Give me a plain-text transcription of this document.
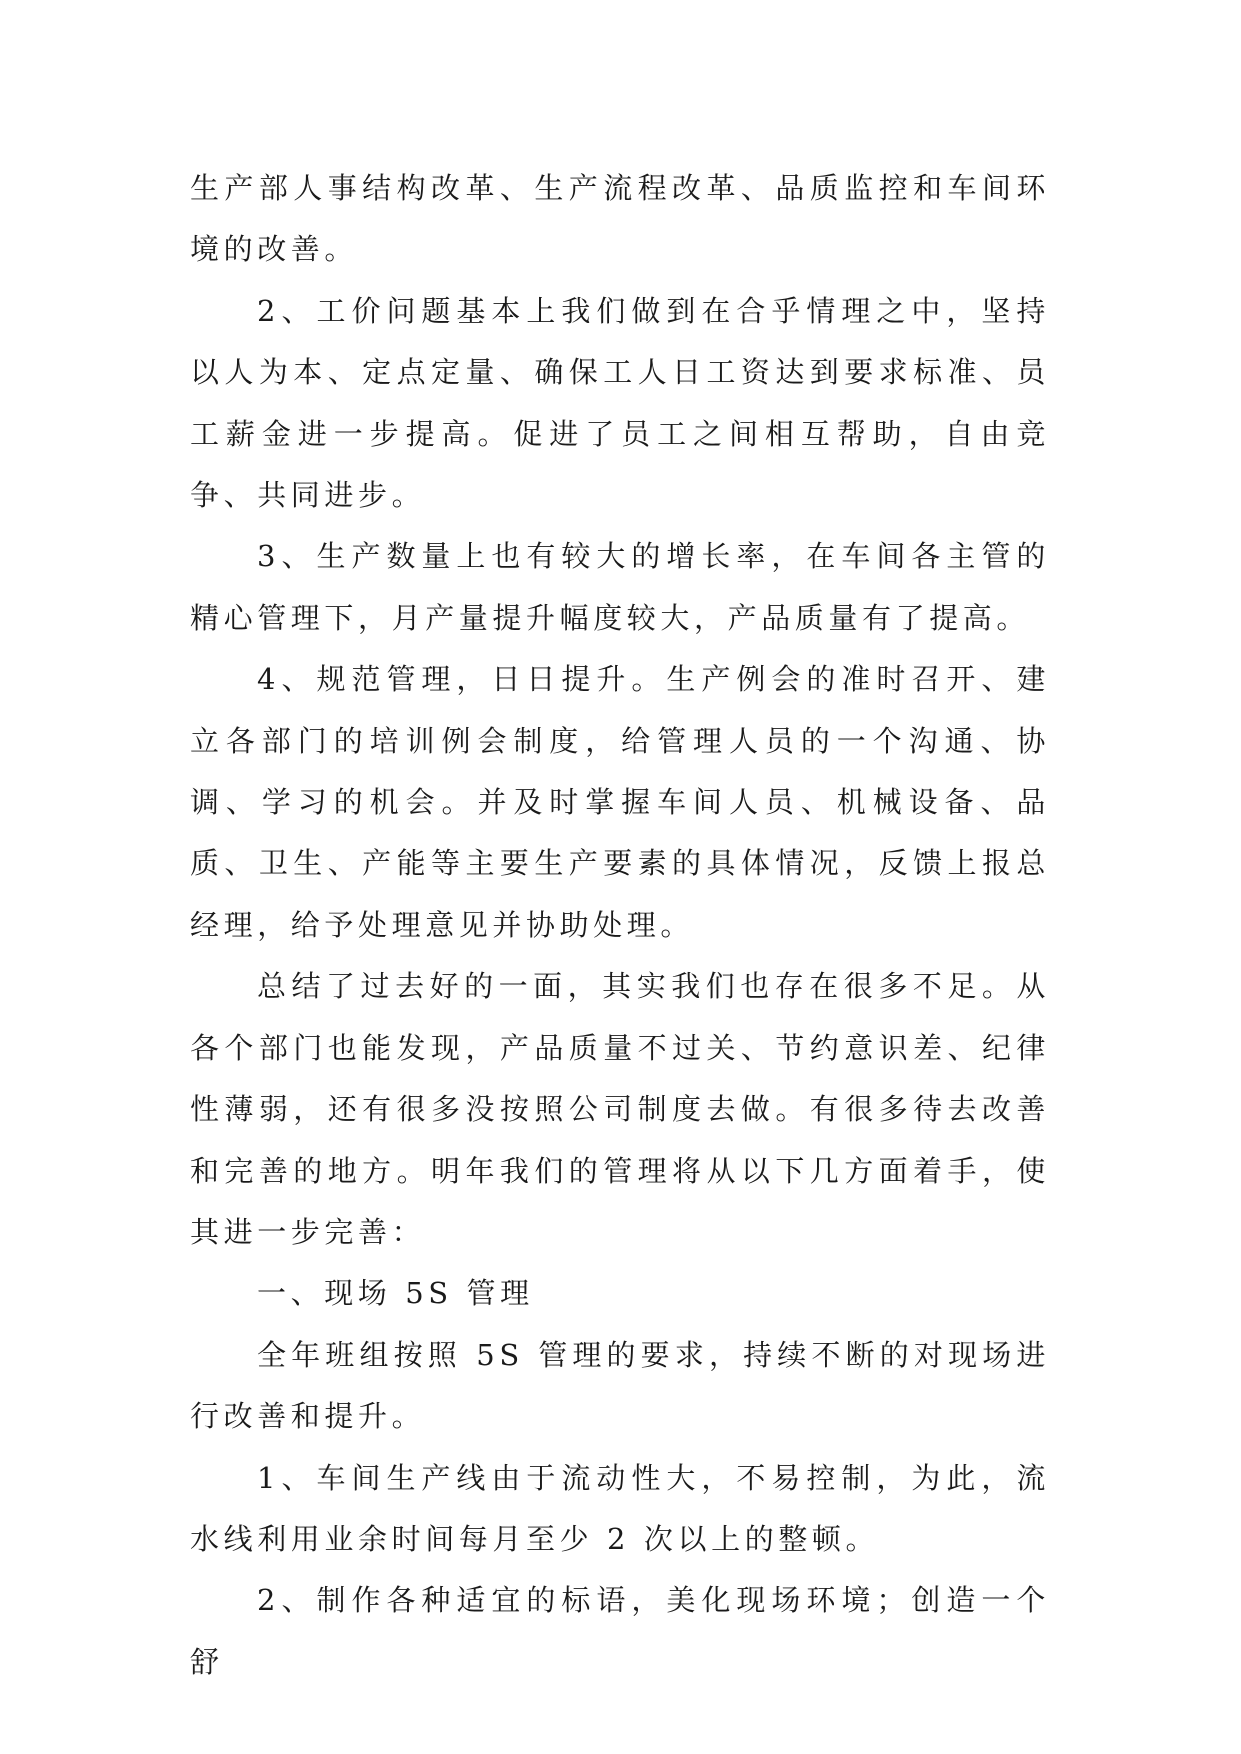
生产部人事结构改革、生产流程改革、品质监控和车间环境的改善。

2、工价问题基本上我们做到在合乎情理之中，坚持以人为本、定点定量、确保工人日工资达到要求标准、员工薪金进一步提高。促进了员工之间相互帮助，自由竞争、共同进步。

3、生产数量上也有较大的增长率，在车间各主管的精心管理下，月产量提升幅度较大，产品质量有了提高。

4、规范管理，日日提升。生产例会的准时召开、建立各部门的培训例会制度，给管理人员的一个沟通、协调、学习的机会。并及时掌握车间人员、机械设备、品质、卫生、产能等主要生产要素的具体情况，反馈上报总经理，给予处理意见并协助处理。

总结了过去好的一面，其实我们也存在很多不足。从各个部门也能发现，产品质量不过关、节约意识差、纪律性薄弱，还有很多没按照公司制度去做。有很多待去改善和完善的地方。明年我们的管理将从以下几方面着手，使其进一步完善：

一、现场 5S 管理

全年班组按照 5S 管理的要求，持续不断的对现场进行改善和提升。

1、车间生产线由于流动性大，不易控制，为此，流水线利用业余时间每月至少 2 次以上的整顿。

2、制作各种适宜的标语，美化现场环境；创造一个舒
